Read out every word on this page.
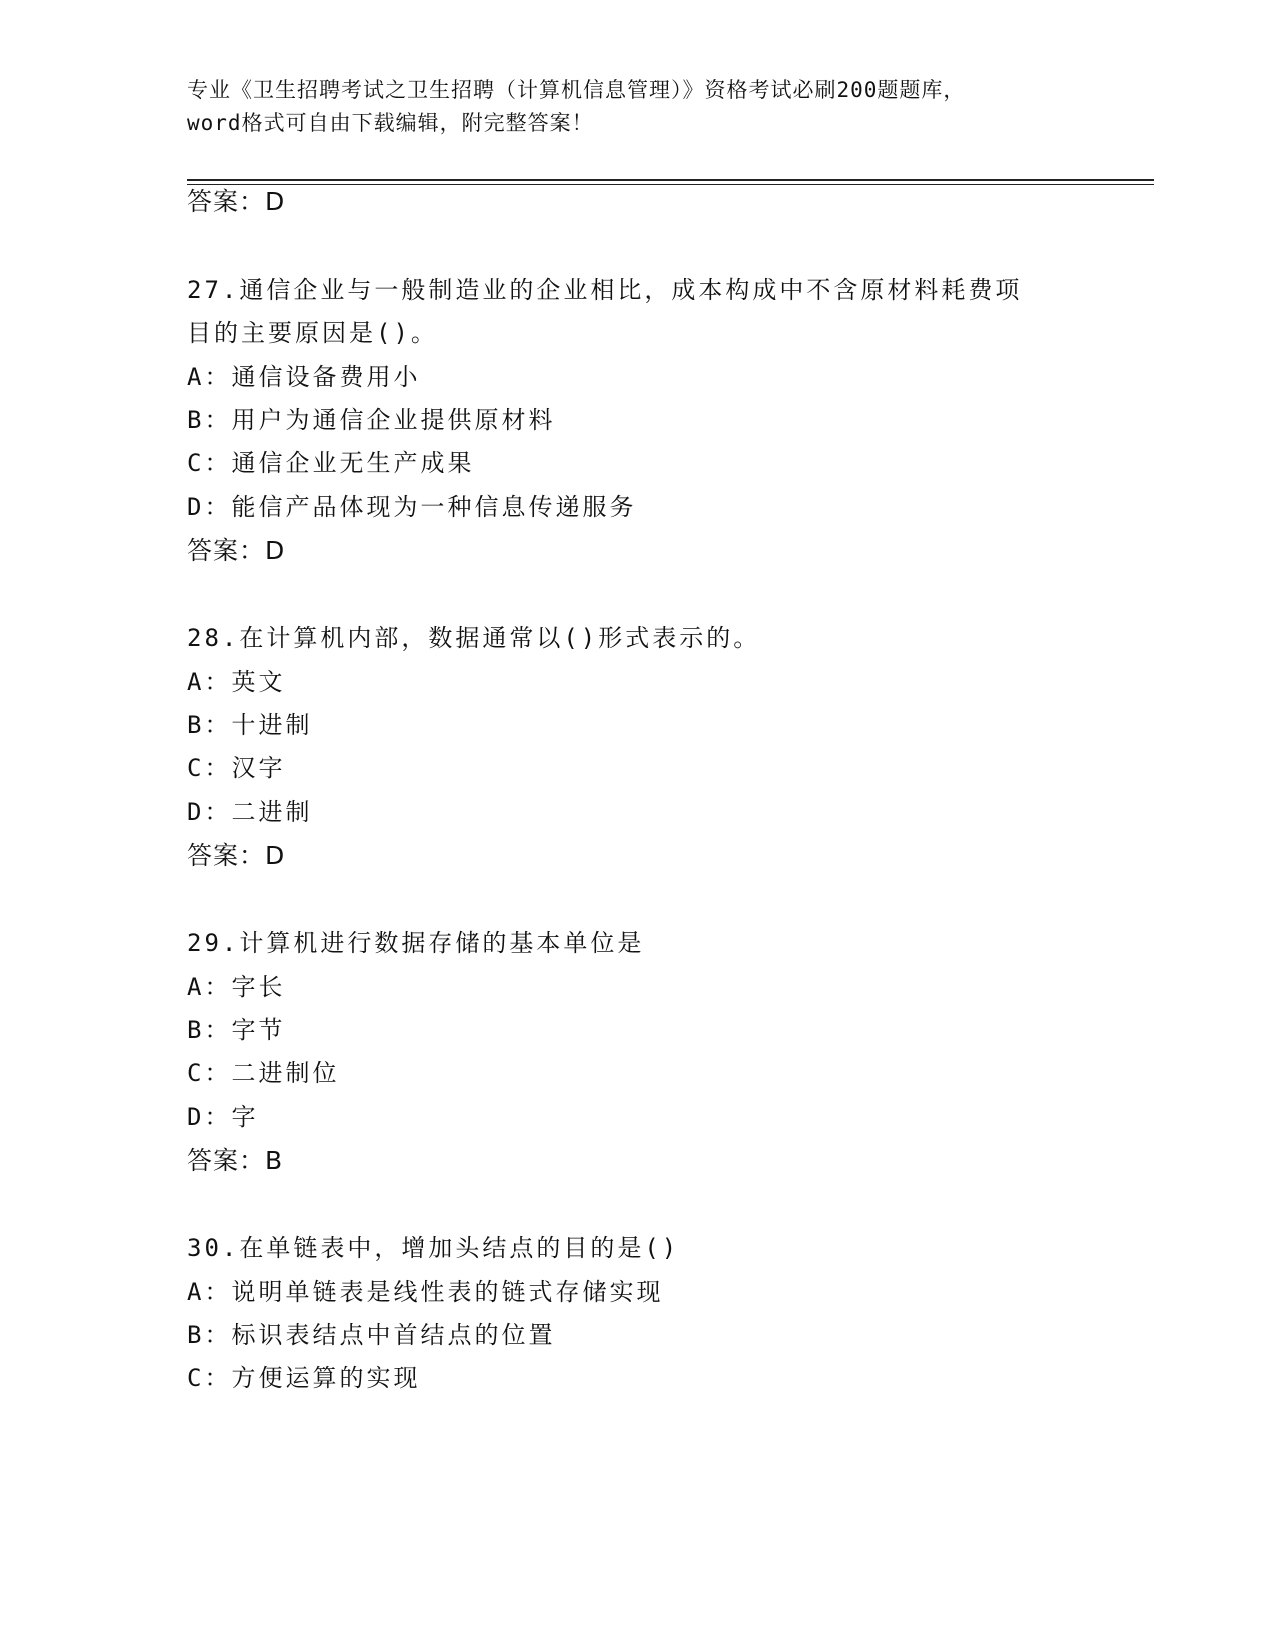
专业《卫生招聘考试之卫生招聘（计算机信息管理）》资格考试必刷200题题库，
word格式可自由下载编辑，附完整答案！
答案：D
27.通信企业与一般制造业的企业相比，成本构成中不含原材料耗费项
目的主要原因是()。
A：通信设备费用小
B：用户为通信企业提供原材料
C：通信企业无生产成果
D：能信产品体现为一种信息传递服务
答案：D
28.在计算机内部，数据通常以()形式表示的。
A：英文
B：十进制
C：汉字
D：二进制
答案：D
29.计算机进行数据存储的基本单位是
A：字长
B：字节
C：二进制位
D：字
答案：B
30.在单链表中，增加头结点的目的是()
A：说明单链表是线性表的链式存储实现
B：标识表结点中首结点的位置
C：方便运算的实现
